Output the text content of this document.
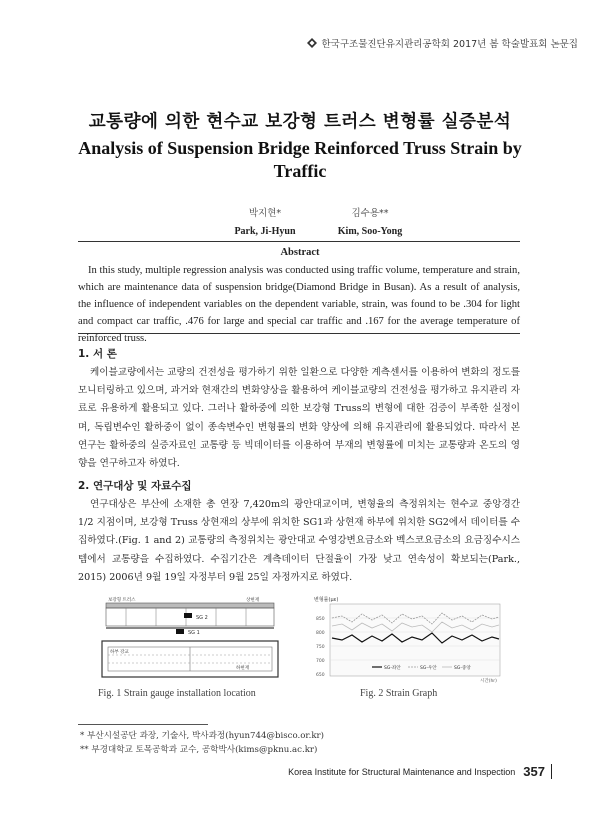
한국구조물진단유지관리공학회 2017년 봄 학술발표회 논문집
교통량에 의한 현수교 보강형 트러스 변형률 실증분석
Analysis of Suspension Bridge Reinforced Truss Strain by Traffic
박지현*
Park, Ji-Hyun
김수용**
Kim, Soo-Yong
Abstract
In this study, multiple regression analysis was conducted using traffic volume, temperature and strain, which are maintenance data of suspension bridge(Diamond Bridge in Busan). As a result of analysis, the influence of independent variables on the dependent variable, strain, was found to be .304 for light and compact car traffic, .476 for large and special car traffic and .167 for the average temperature of reinforced truss.
1. 서 론
케이블교량에서는 교량의 건전성을 평가하기 위한 일환으로 다양한 계측센서를 이용하여 변화의 정도를 모니터링하고 있으며, 과거와 현재간의 변화양상을 활용하여 케이블교량의 건전성을 평가하고 유지관리 자료로 유용하게 활용되고 있다. 그러나 활하중에 의한 보강형 Truss의 변형에 대한 검증이 부족한 실정이며, 독립변수인 활하중이 없이 종속변수인 변형률의 변화 양상에 의해 유지관리에 활용되었다. 따라서 본 연구는 활하중의 실증자료인 교통량 등 빅데이터를 이용하여 부재의 변형률에 미치는 교통량과 온도의 영향을 연구하고자 하였다.
2. 연구대상 및 자료수집
연구대상은 부산에 소재한 총 연장 7,420m의 광안대교이며, 변형율의 측정위치는 현수교 중앙경간 1/2 지점이며, 보강형 Truss 상현재의 상부에 위치한 SG1과 상현재 하부에 위치한 SG2에서 데이터를 수집하였다.(Fig. 1 and 2) 교통량의 측정위치는 광안대교 수영강변요금소와 벡스코요금소의 요금징수시스템에서 교통량을 수집하였다. 수집기간은 계측데이터 단절율이 가장 낮고 연속성이 확보되는(Park., 2015) 2006년 9월 19일 자정부터 9월 25일 자정까지로 하였다.
SG 2
상현재
보강형 트러스
SG 1
하부 강교
하현재
Fig. 1 Strain gauge installation location
변형률(με)
850
800
750
700
650
SG-좌안	SG-우안	SG-중앙
시간(hr)
Fig. 2 Strain Graph
* 부산시설공단 과장, 기술사, 박사과정(hyun744@bisco.or.kr)
** 부경대학교 토목공학과 교수, 공학박사(kims@pknu.ac.kr)
Korea Institute for Structural Maintenance and Inspection 357
